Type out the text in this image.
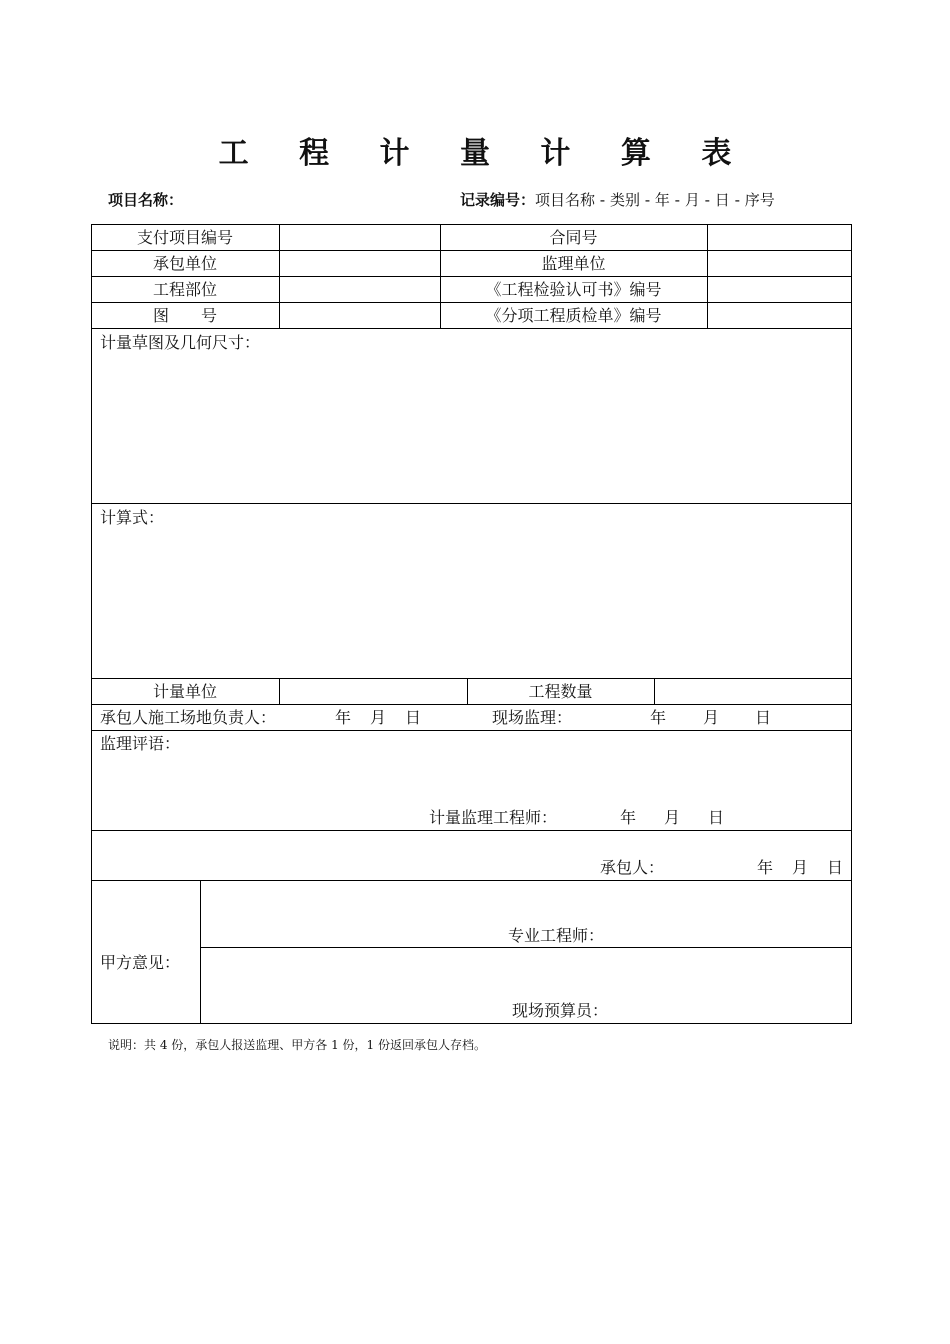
工 程 计 量 计 算 表
项目名称：	记录编号：项目名称 - 类别 - 年 - 月 - 日 - 序号
支付项目编号	合同号
承包单位	监理单位
工程部位	《工程检验认可书》编号
图　　号	《分项工程质检单》编号
计量草图及几何尺寸：
计算式：
计量单位	工程数量
承包人施工场地负责人：	年 月 日	现场监理：	年 月 日
监理评语：
计量监理工程师：	年 月 日
承包人：	年 月 日
甲方意见：
专业工程师：
现场预算员：
说明：共 4 份，承包人报送监理、甲方各 1 份，1 份返回承包人存档。
